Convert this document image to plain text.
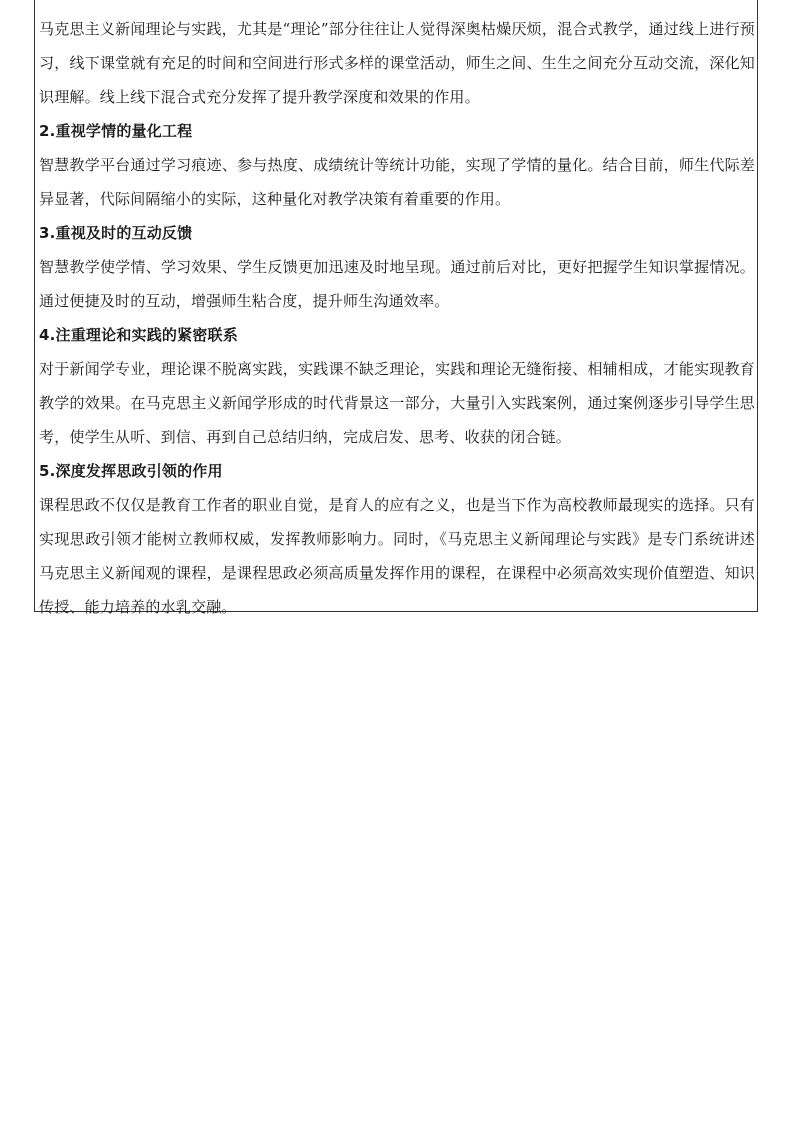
马克思主义新闻理论与实践，尤其是“理论”部分往往让人觉得深奥枯燥厌烦，混合式教学，通过线上进行预习，线下课堂就有充足的时间和空间进行形式多样的课堂活动，师生之间、生生之间充分互动交流，深化知识理解。线上线下混合式充分发挥了提升教学深度和效果的作用。

2.重视学情的量化工程

智慧教学平台通过学习痕迹、参与热度、成绩统计等统计功能，实现了学情的量化。结合目前，师生代际差异显著，代际间隔缩小的实际，这种量化对教学决策有着重要的作用。

3.重视及时的互动反馈

智慧教学使学情、学习效果、学生反馈更加迅速及时地呈现。通过前后对比，更好把握学生知识掌握情况。通过便捷及时的互动，增强师生粘合度，提升师生沟通效率。

4.注重理论和实践的紧密联系

对于新闻学专业，理论课不脱离实践，实践课不缺乏理论，实践和理论无缝衔接、相辅相成，才能实现教育教学的效果。在马克思主义新闻学形成的时代背景这一部分，大量引入实践案例，通过案例逐步引导学生思考，使学生从听、到信、再到自己总结归纳，完成启发、思考、收获的闭合链。

5.深度发挥思政引领的作用

课程思政不仅仅是教育工作者的职业自觉，是育人的应有之义，也是当下作为高校教师最现实的选择。只有实现思政引领才能树立教师权威，发挥教师影响力。同时，《马克思主义新闻理论与实践》是专门系统讲述马克思主义新闻观的课程，是课程思政必须高质量发挥作用的课程，在课程中必须高效实现价值塑造、知识传授、能力培养的水乳交融。
